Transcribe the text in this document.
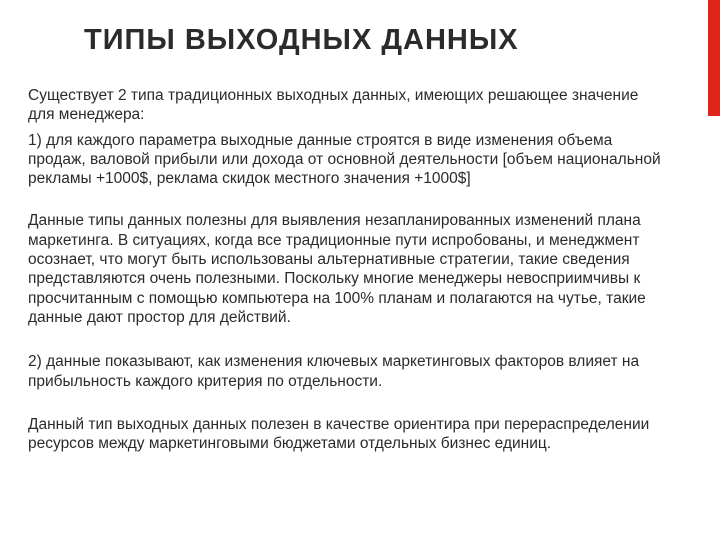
ТИПЫ ВЫХОДНЫХ ДАННЫХ

Существует 2 типа традиционных выходных данных, имеющих решающее значение для менеджера:

1) для каждого параметра выходные данные строятся в виде изменения объема продаж, валовой прибыли или дохода от основной деятельности [объем национальной рекламы +1000$, реклама скидок местного значения +1000$]

Данные типы данных полезны для выявления незапланированных изменений плана маркетинга. В ситуациях, когда все традиционные пути испробованы, и менеджмент осознает, что могут быть использованы альтернативные стратегии, такие сведения представляются очень полезными. Поскольку многие менеджеры невосприимчивы к просчитанным с помощью компьютера на 100% планам и полагаются на чутье, такие данные дают простор для действий.

2) данные показывают, как изменения ключевых маркетинговых факторов влияет на прибыльность каждого критерия по отдельности.

Данный тип выходных данных полезен в качестве ориентира при перераспределении ресурсов между маркетинговыми бюджетами отдельных бизнес единиц.
